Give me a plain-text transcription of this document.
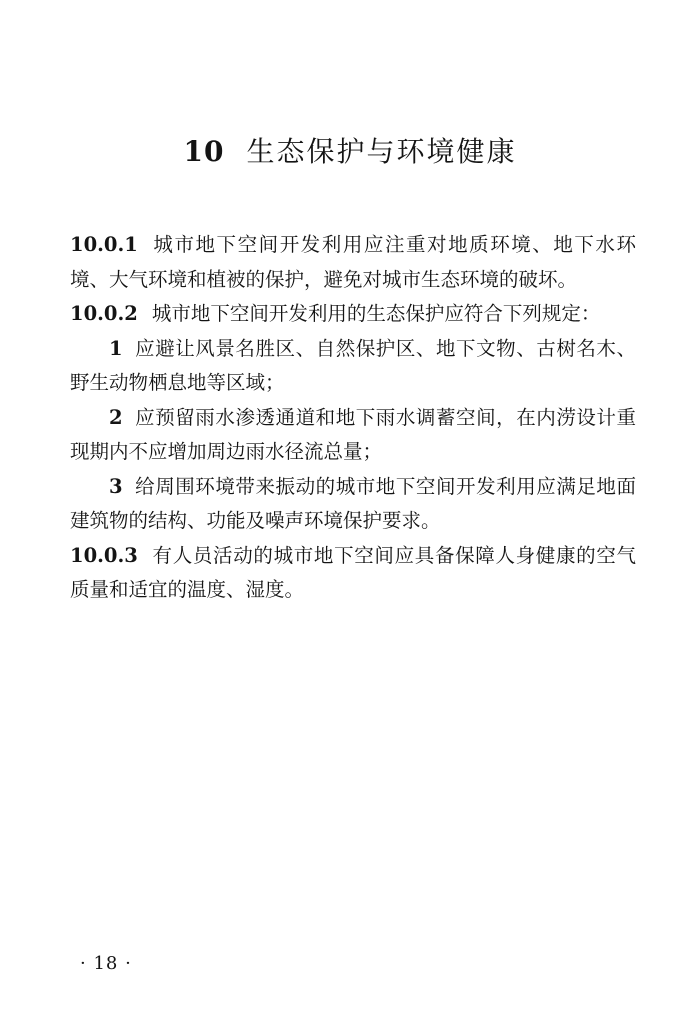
10 生态保护与环境健康

10.0.1 城市地下空间开发利用应注重对地质环境、地下水环境、大气环境和植被的保护，避免对城市生态环境的破坏。

10.0.2 城市地下空间开发利用的生态保护应符合下列规定：

1 应避让风景名胜区、自然保护区、地下文物、古树名木、野生动物栖息地等区域；

2 应预留雨水渗透通道和地下雨水调蓄空间，在内涝设计重现期内不应增加周边雨水径流总量；

3 给周围环境带来振动的城市地下空间开发利用应满足地面建筑物的结构、功能及噪声环境保护要求。

10.0.3 有人员活动的城市地下空间应具备保障人身健康的空气质量和适宜的温度、湿度。

· 18 ·
